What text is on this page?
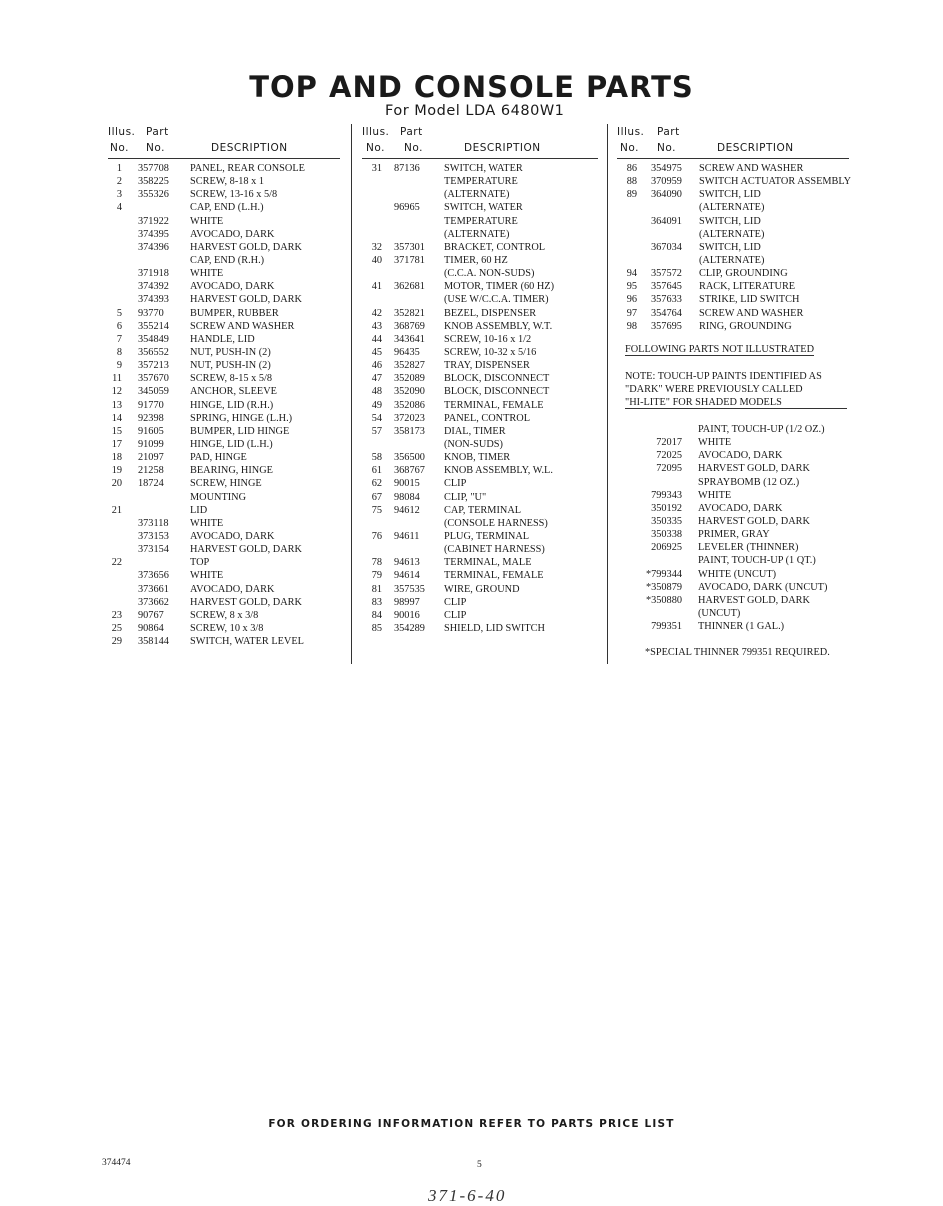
TOP AND CONSOLE PARTS
For Model LDA 6480W1
Illus. Part
No. No.	DESCRIPTION
1 357708 PANEL, REAR CONSOLE
2 358225 SCREW, 8-18 x 1
3 355326 SCREW, 13-16 x 5/8
4	CAP, END (L.H.)
371922 WHITE
374395 AVOCADO, DARK
374396 HARVEST GOLD, DARK
CAP, END (R.H.)
371918 WHITE
374392 AVOCADO, DARK
374393 HARVEST GOLD, DARK
5 93770	BUMPER, RUBBER
6 355214 SCREW AND WASHER
7 354849 HANDLE, LID
8 356552 NUT, PUSH-IN (2)
9 357213 NUT, PUSH-IN (2)
11 357670 SCREW, 8-15 x 5/8
12 345059 ANCHOR, SLEEVE
13 91770	HINGE, LID (R.H.)
14 92398	SPRING, HINGE (L.H.)
15 91605	BUMPER, LID HINGE
17 91099	HINGE, LID (L.H.)
18 21097	PAD, HINGE
19 21258	BEARING, HINGE
20 18724	SCREW, HINGE
MOUNTING
21	LID
373118 WHITE
373153 AVOCADO, DARK
373154 HARVEST GOLD, DARK
22	TOP
373656 WHITE
373661 AVOCADO, DARK
373662 HARVEST GOLD, DARK
23 90767	SCREW, 8 x 3/8
25 90864	SCREW, 10 x 3/8
29 358144 SWITCH, WATER LEVEL
Illus. Part
No. No.	DESCRIPTION
31 87136 SWITCH, WATER
TEMPERATURE
(ALTERNATE)
96965 SWITCH, WATER
TEMPERATURE
(ALTERNATE)
32 357301 BRACKET, CONTROL
40 371781 TIMER, 60 HZ
(C.C.A. NON-SUDS)
41 362681 MOTOR, TIMER (60 HZ)
(USE W/C.C.A. TIMER)
42 352821 BEZEL, DISPENSER
43 368769 KNOB ASSEMBLY, W.T.
44 343641 SCREW, 10-16 x 1/2
45 96435 SCREW, 10-32 x 5/16
46 352827 TRAY, DISPENSER
47 352089 BLOCK, DISCONNECT
48 352090 BLOCK, DISCONNECT
49 352086 TERMINAL, FEMALE
54 372023 PANEL, CONTROL
57 358173 DIAL, TIMER
(NON-SUDS)
58 356500 KNOB, TIMER
61 368767 KNOB ASSEMBLY, W.L.
62 90015 CLIP
67 98084 CLIP, "U"
75 94612 CAP, TERMINAL
(CONSOLE HARNESS)
76 94611 PLUG, TERMINAL
(CABINET HARNESS)
78 94613 TERMINAL, MALE
79 94614 TERMINAL, FEMALE
81 357535 WIRE, GROUND
83 98997 CLIP
84 90016 CLIP
85 354289 SHIELD, LID SWITCH
Illus. Part
No. No.	DESCRIPTION
86 354975 SCREW AND WASHER
88 370959 SWITCH ACTUATOR ASSEMBLY
89 364090 SWITCH, LID
(ALTERNATE)
364091 SWITCH, LID
(ALTERNATE)
367034 SWITCH, LID
(ALTERNATE)
94 357572 CLIP, GROUNDING
95 357645 RACK, LITERATURE
96 357633 STRIKE, LID SWITCH
97 354764 SCREW AND WASHER
98 357695 RING, GROUNDING
FOLLOWING PARTS NOT ILLUSTRATED
NOTE: TOUCH-UP PAINTS IDENTIFIED AS
"DARK" WERE PREVIOUSLY CALLED
"HI-LITE" FOR SHADED MODELS
PAINT, TOUCH-UP (1/2 OZ.)
72017 WHITE
72025 AVOCADO, DARK
72095 HARVEST GOLD, DARK
SPRAYBOMB (12 OZ.)
799343 WHITE
350192 AVOCADO, DARK
350335 HARVEST GOLD, DARK
350338 PRIMER, GRAY
206925 LEVELER (THINNER)
PAINT, TOUCH-UP (1 QT.)
*799344 WHITE (UNCUT)
*350879 AVOCADO, DARK (UNCUT)
*350880 HARVEST GOLD, DARK
(UNCUT)
799351 THINNER (1 GAL.)
*SPECIAL THINNER 799351 REQUIRED.
FOR ORDERING INFORMATION REFER TO PARTS PRICE LIST
374474	5
371-6-40
